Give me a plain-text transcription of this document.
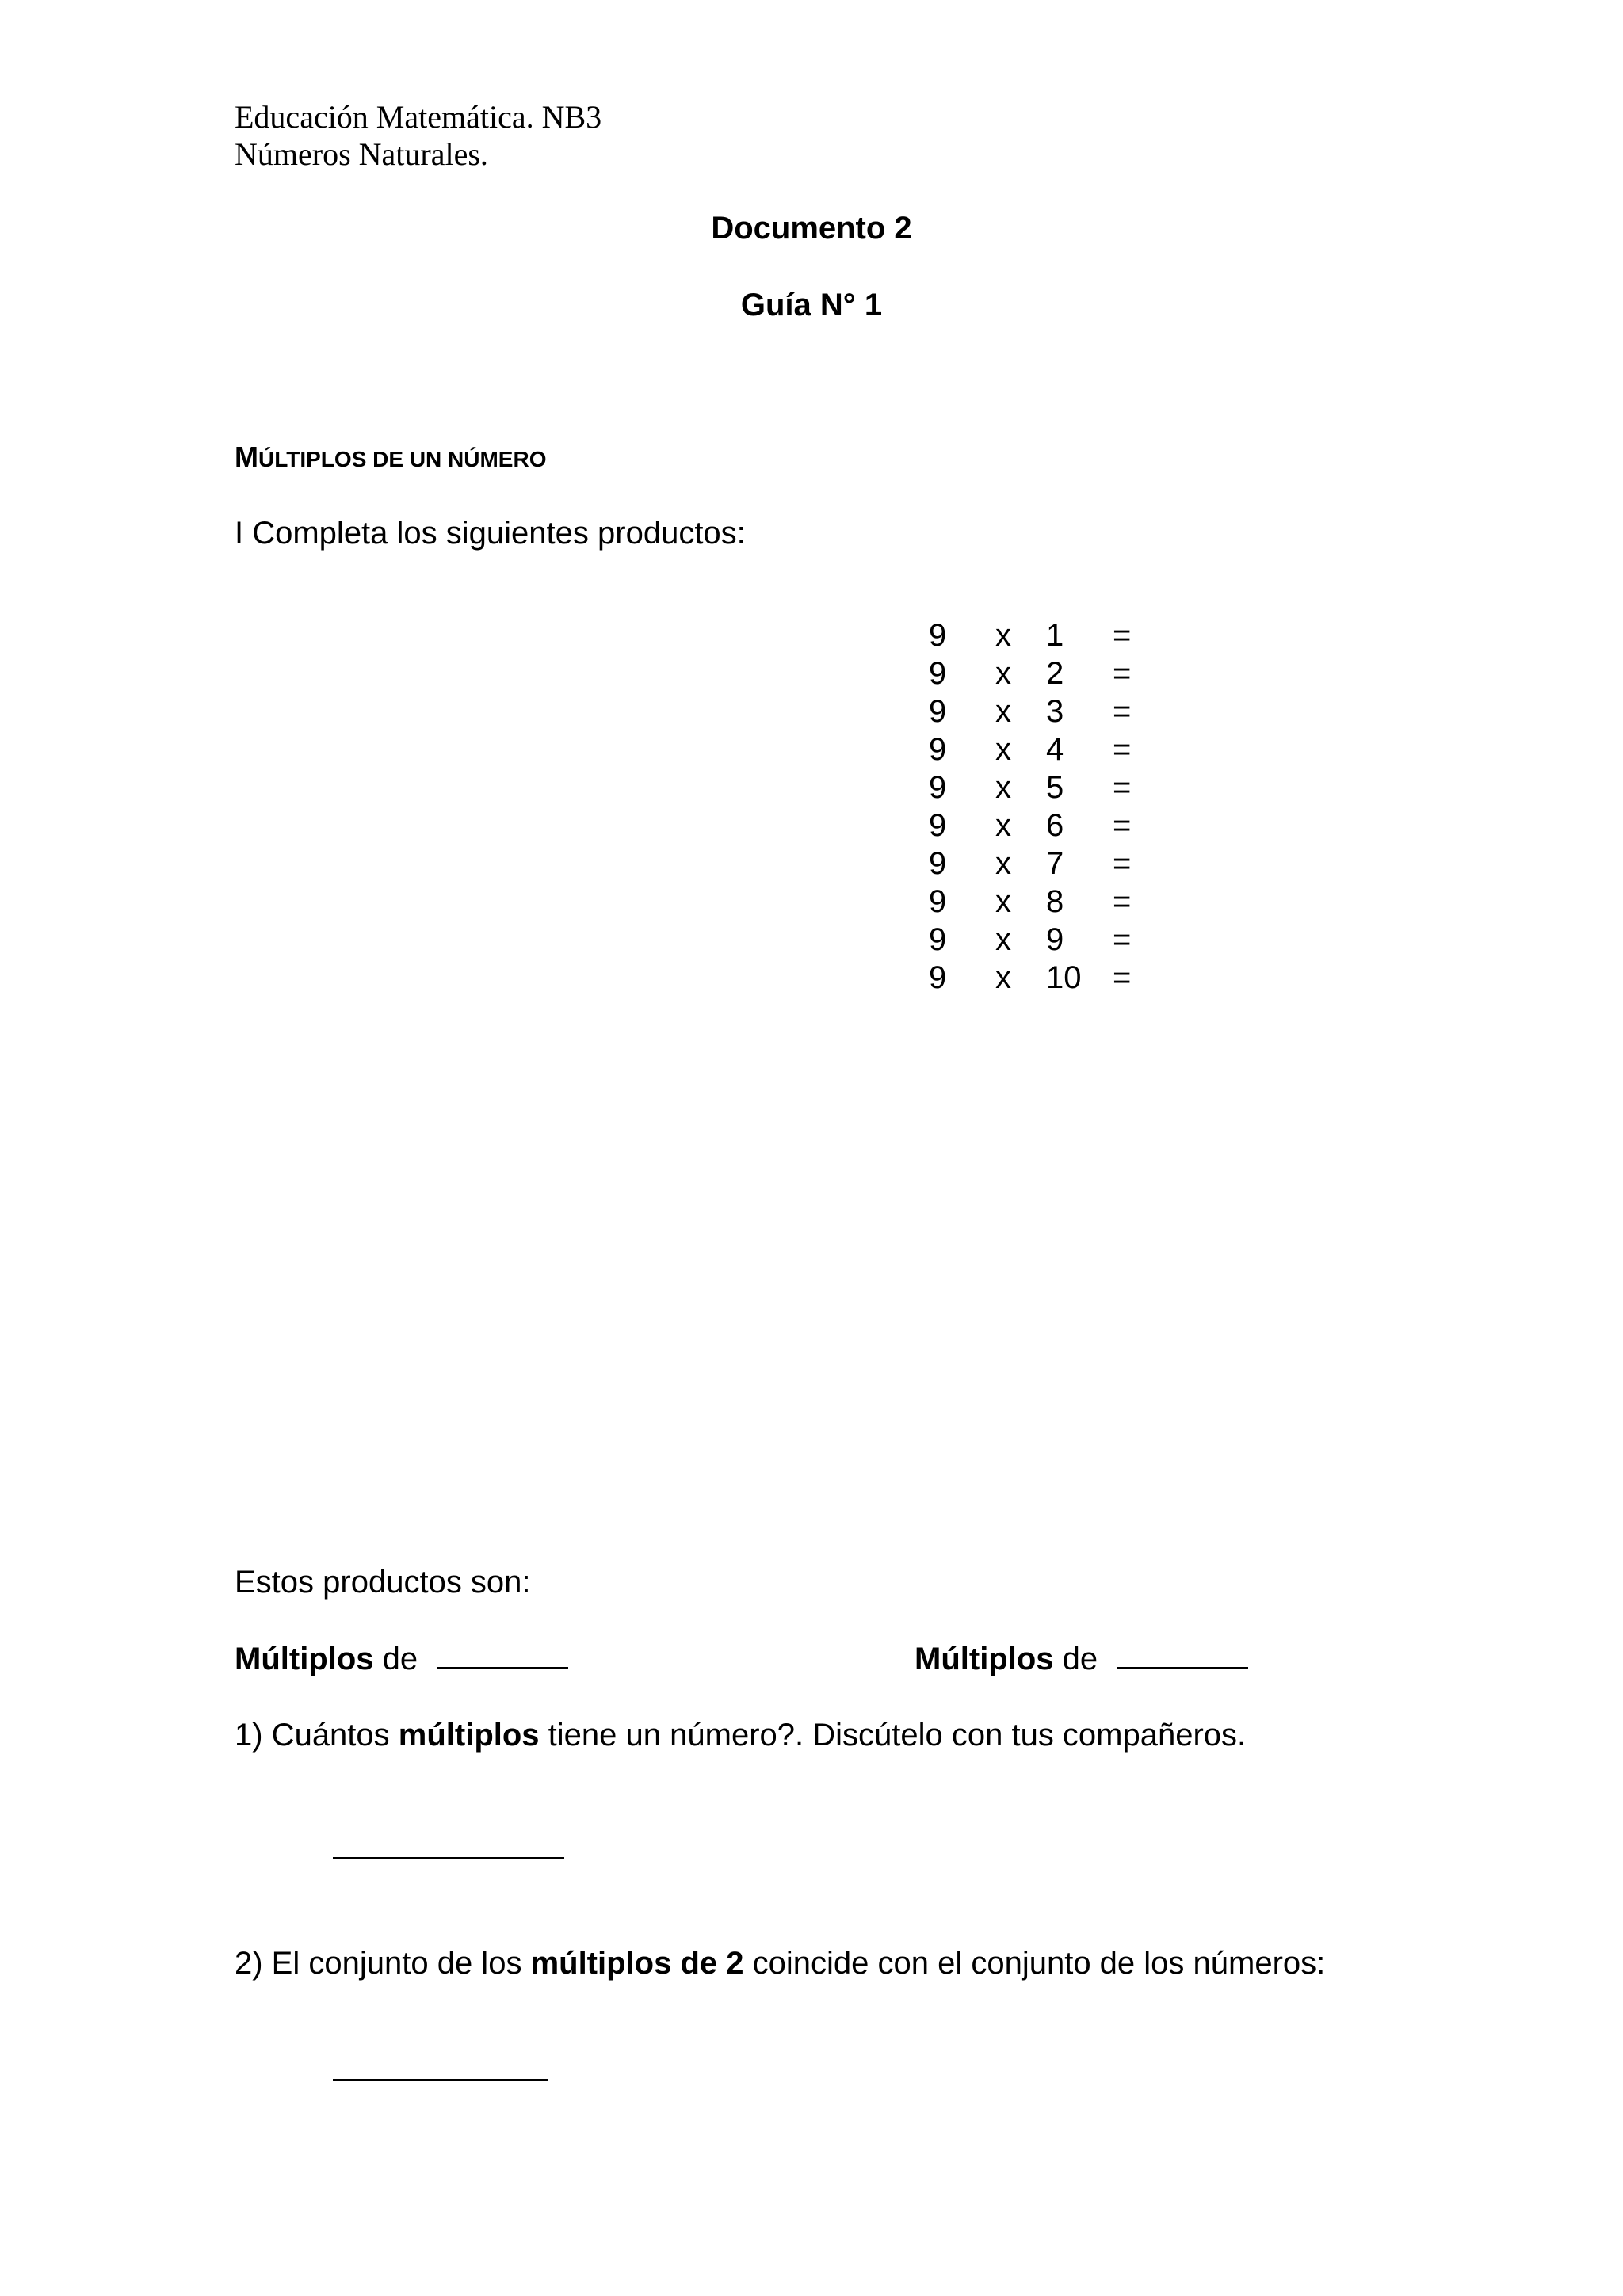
Educación Matemática. NB3
Números Naturales.
Documento 2
Guía N° 1
MÚLTIPLOS DE UN NÚMERO
I Completa los siguientes productos:
9 x 1 =
9 x 2 =
9 x 3 =
9 x 4 =
9 x 5 =
9 x 6 =
9 x 7 =
9 x 8 =
9 x 9 =
9 x 10 =
Estos productos son:
Múltiplos de	Múltiplos de
1) Cuántos múltiplos tiene un número?. Discútelo con tus compañeros.
2) El conjunto de los múltiplos de 2 coincide con el conjunto de los números:
